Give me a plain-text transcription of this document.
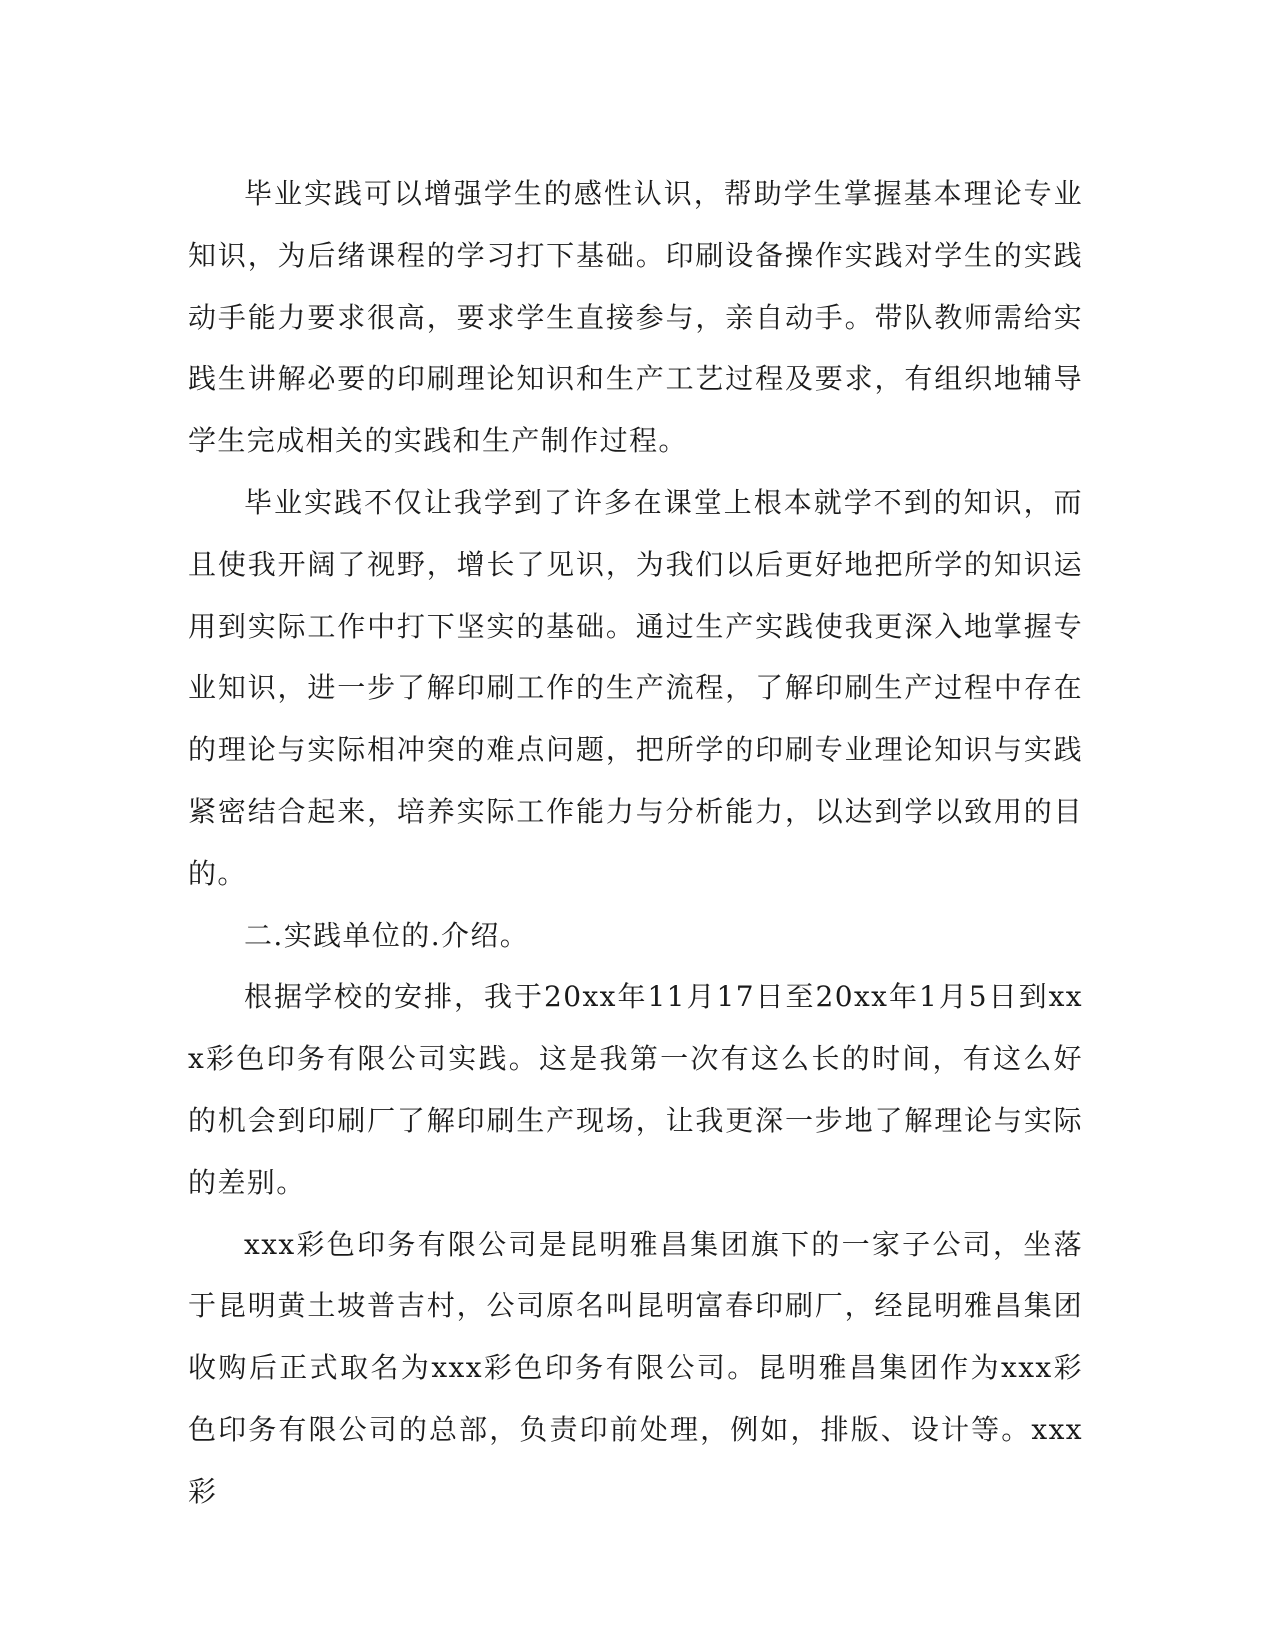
毕业实践可以增强学生的感性认识，帮助学生掌握基本理论专业知识，为后绪课程的学习打下基础。印刷设备操作实践对学生的实践动手能力要求很高，要求学生直接参与，亲自动手。带队教师需给实践生讲解必要的印刷理论知识和生产工艺过程及要求，有组织地辅导学生完成相关的实践和生产制作过程。

毕业实践不仅让我学到了许多在课堂上根本就学不到的知识，而且使我开阔了视野，增长了见识，为我们以后更好地把所学的知识运用到实际工作中打下坚实的基础。通过生产实践使我更深入地掌握专业知识，进一步了解印刷工作的生产流程，了解印刷生产过程中存在的理论与实际相冲突的难点问题，把所学的印刷专业理论知识与实践紧密结合起来，培养实际工作能力与分析能力，以达到学以致用的目的。

二.实践单位的.介绍。

根据学校的安排，我于20xx年11月17日至20xx年1月5日到xxx彩色印务有限公司实践。这是我第一次有这么长的时间，有这么好的机会到印刷厂了解印刷生产现场，让我更深一步地了解理论与实际的差别。

xxx彩色印务有限公司是昆明雅昌集团旗下的一家子公司，坐落于昆明黄土坡普吉村，公司原名叫昆明富春印刷厂，经昆明雅昌集团收购后正式取名为xxx彩色印务有限公司。昆明雅昌集团作为xxx彩色印务有限公司的总部，负责印前处理，例如，排版、设计等。xxx彩
